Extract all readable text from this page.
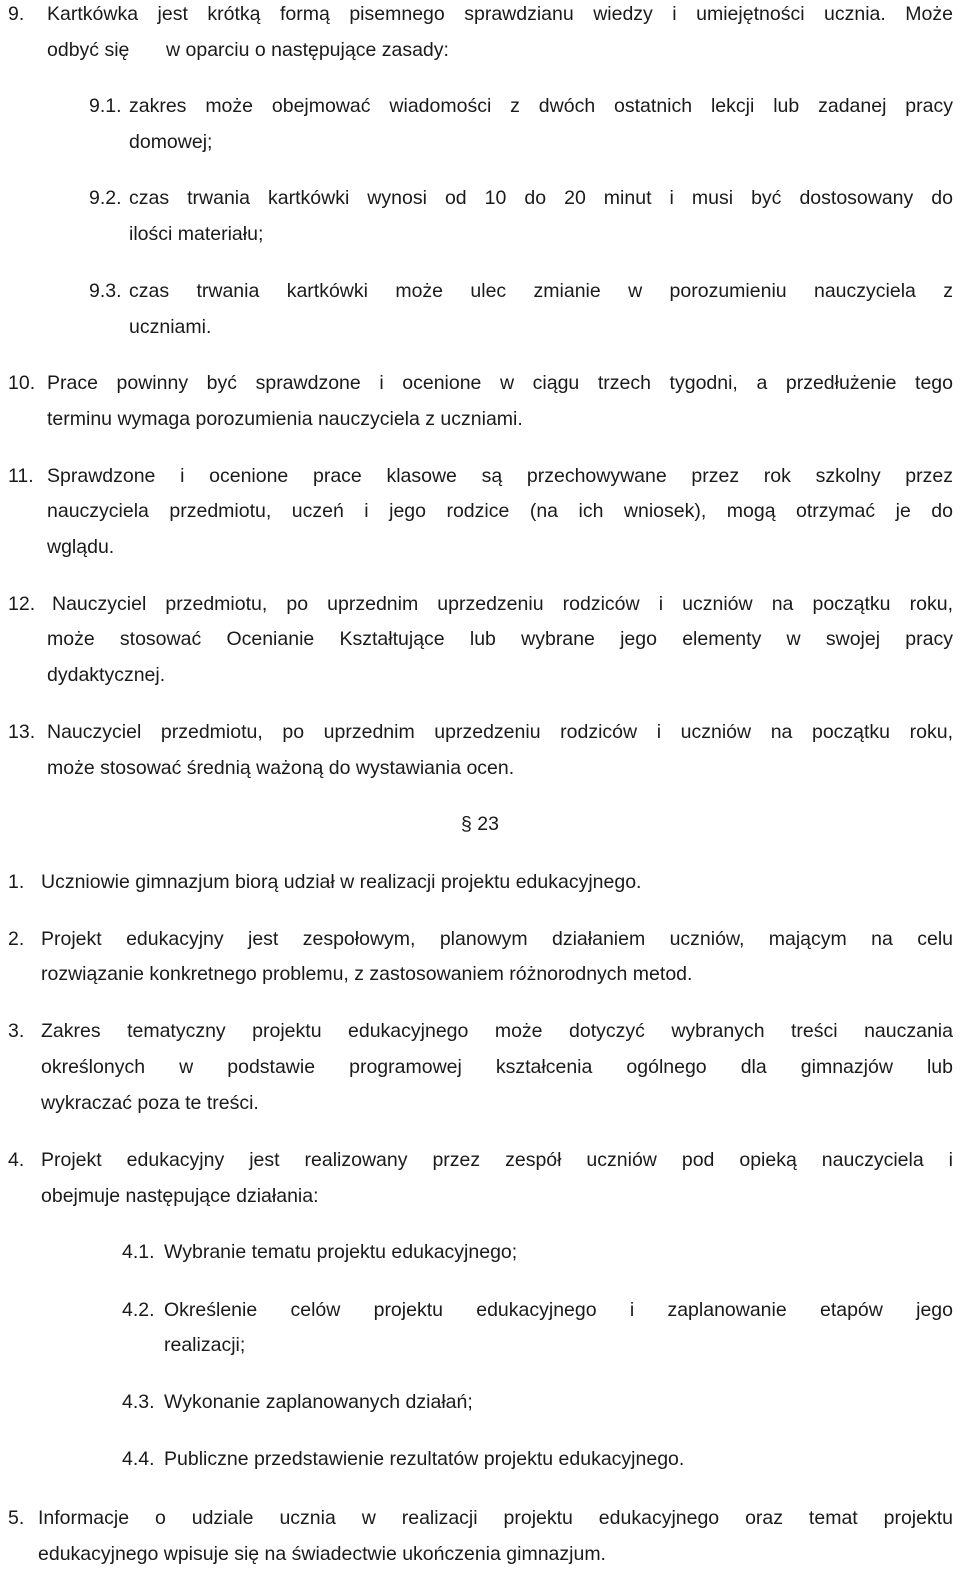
9. Kartkówka jest krótką formą pisemnego sprawdzianu wiedzy i umiejętności ucznia. Może
odbyć się w oparciu o następujące zasady:
9.1. zakres może obejmować wiadomości z dwóch ostatnich lekcji lub zadanej pracy
domowej;
9.2. czas trwania kartkówki wynosi od 10 do 20 minut i musi być dostosowany do
ilości materiału;
9.3. czas trwania kartkówki może ulec zmianie w porozumieniu nauczyciela z
uczniami.
10. Prace powinny być sprawdzone i ocenione w ciągu trzech tygodni, a przedłużenie tego
terminu wymaga porozumienia nauczyciela z uczniami.
11. Sprawdzone i ocenione prace klasowe są przechowywane przez rok szkolny przez
nauczyciela przedmiotu, uczeń i jego rodzice (na ich wniosek), mogą otrzymać je do
wglądu.
12. Nauczyciel przedmiotu, po uprzednim uprzedzeniu rodziców i uczniów na początku roku,
może stosować Ocenianie Kształtujące lub wybrane jego elementy w swojej pracy
dydaktycznej.
13. Nauczyciel przedmiotu, po uprzednim uprzedzeniu rodziców i uczniów na początku roku,
może stosować średnią ważoną do wystawiania ocen.
§ 23
1. Uczniowie gimnazjum biorą udział w realizacji projektu edukacyjnego.
2. Projekt edukacyjny jest zespołowym, planowym działaniem uczniów, mającym na celu
rozwiązanie konkretnego problemu, z zastosowaniem różnorodnych metod.
3. Zakres tematyczny projektu edukacyjnego może dotyczyć wybranych treści nauczania
określonych w podstawie programowej kształcenia ogólnego dla gimnazjów lub
wykraczać poza te treści.
4. Projekt edukacyjny jest realizowany przez zespół uczniów pod opieką nauczyciela i
obejmuje następujące działania:
4.1. Wybranie tematu projektu edukacyjnego;
4.2. Określenie celów projektu edukacyjnego i zaplanowanie etapów jego
realizacji;
4.3. Wykonanie zaplanowanych działań;
4.4. Publiczne przedstawienie rezultatów projektu edukacyjnego.
5. Informacje o udziale ucznia w realizacji projektu edukacyjnego oraz temat projektu
edukacyjnego wpisuje się na świadectwie ukończenia gimnazjum.
